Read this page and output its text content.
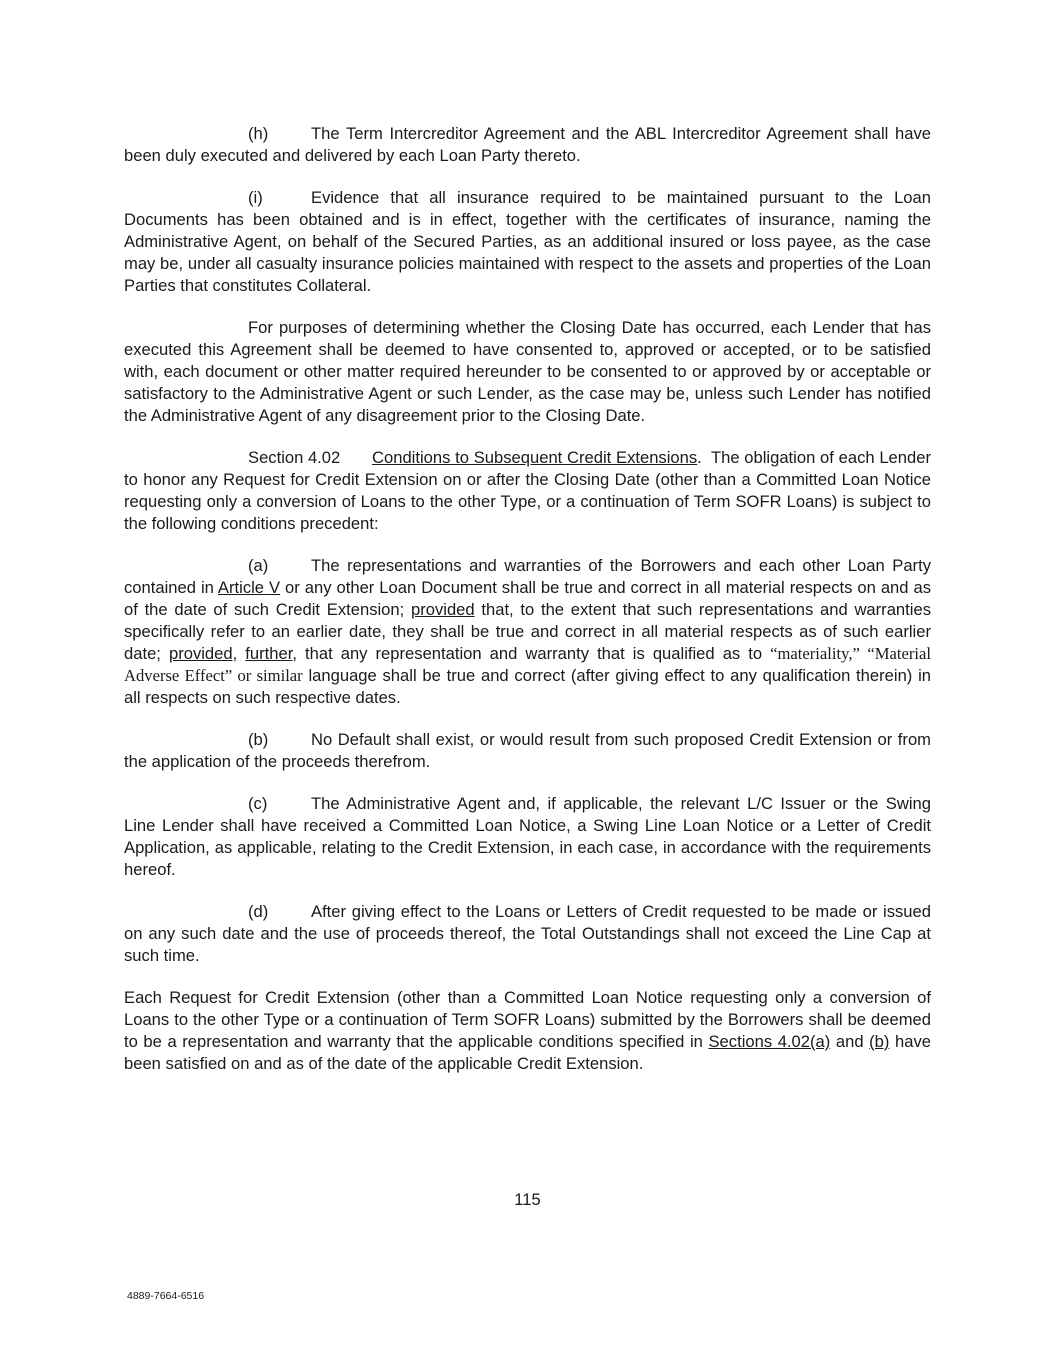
(h)	The Term Intercreditor Agreement and the ABL Intercreditor Agreement shall have been duly executed and delivered by each Loan Party thereto.

(i)	Evidence that all insurance required to be maintained pursuant to the Loan Documents has been obtained and is in effect, together with the certificates of insurance, naming the Administrative Agent, on behalf of the Secured Parties, as an additional insured or loss payee, as the case may be, under all casualty insurance policies maintained with respect to the assets and properties of the Loan Parties that constitutes Collateral.

For purposes of determining whether the Closing Date has occurred, each Lender that has executed this Agreement shall be deemed to have consented to, approved or accepted, or to be satisfied with, each document or other matter required hereunder to be consented to or approved by or acceptable or satisfactory to the Administrative Agent or such Lender, as the case may be, unless such Lender has notified the Administrative Agent of any disagreement prior to the Closing Date.

Section 4.02 Conditions to Subsequent Credit Extensions. The obligation of each Lender to honor any Request for Credit Extension on or after the Closing Date (other than a Committed Loan Notice requesting only a conversion of Loans to the other Type, or a continuation of Term SOFR Loans) is subject to the following conditions precedent:

(a)	The representations and warranties of the Borrowers and each other Loan Party contained in Article V or any other Loan Document shall be true and correct in all material respects on and as of the date of such Credit Extension; provided that, to the extent that such representations and warranties specifically refer to an earlier date, they shall be true and correct in all material respects as of such earlier date; provided, further, that any representation and warranty that is qualified as to “materiality,” “Material Adverse Effect” or similar language shall be true and correct (after giving effect to any qualification therein) in all respects on such respective dates.

(b)	No Default shall exist, or would result from such proposed Credit Extension or from the application of the proceeds therefrom.

(c)	The Administrative Agent and, if applicable, the relevant L/C Issuer or the Swing Line Lender shall have received a Committed Loan Notice, a Swing Line Loan Notice or a Letter of Credit Application, as applicable, relating to the Credit Extension, in each case, in accordance with the requirements hereof.

(d)	After giving effect to the Loans or Letters of Credit requested to be made or issued on any such date and the use of proceeds thereof, the Total Outstandings shall not exceed the Line Cap at such time.

Each Request for Credit Extension (other than a Committed Loan Notice requesting only a conversion of Loans to the other Type or a continuation of Term SOFR Loans) submitted by the Borrowers shall be deemed to be a representation and warranty that the applicable conditions specified in Sections 4.02(a) and (b) have been satisfied on and as of the date of the applicable Credit Extension.

115
4889-7664-6516
